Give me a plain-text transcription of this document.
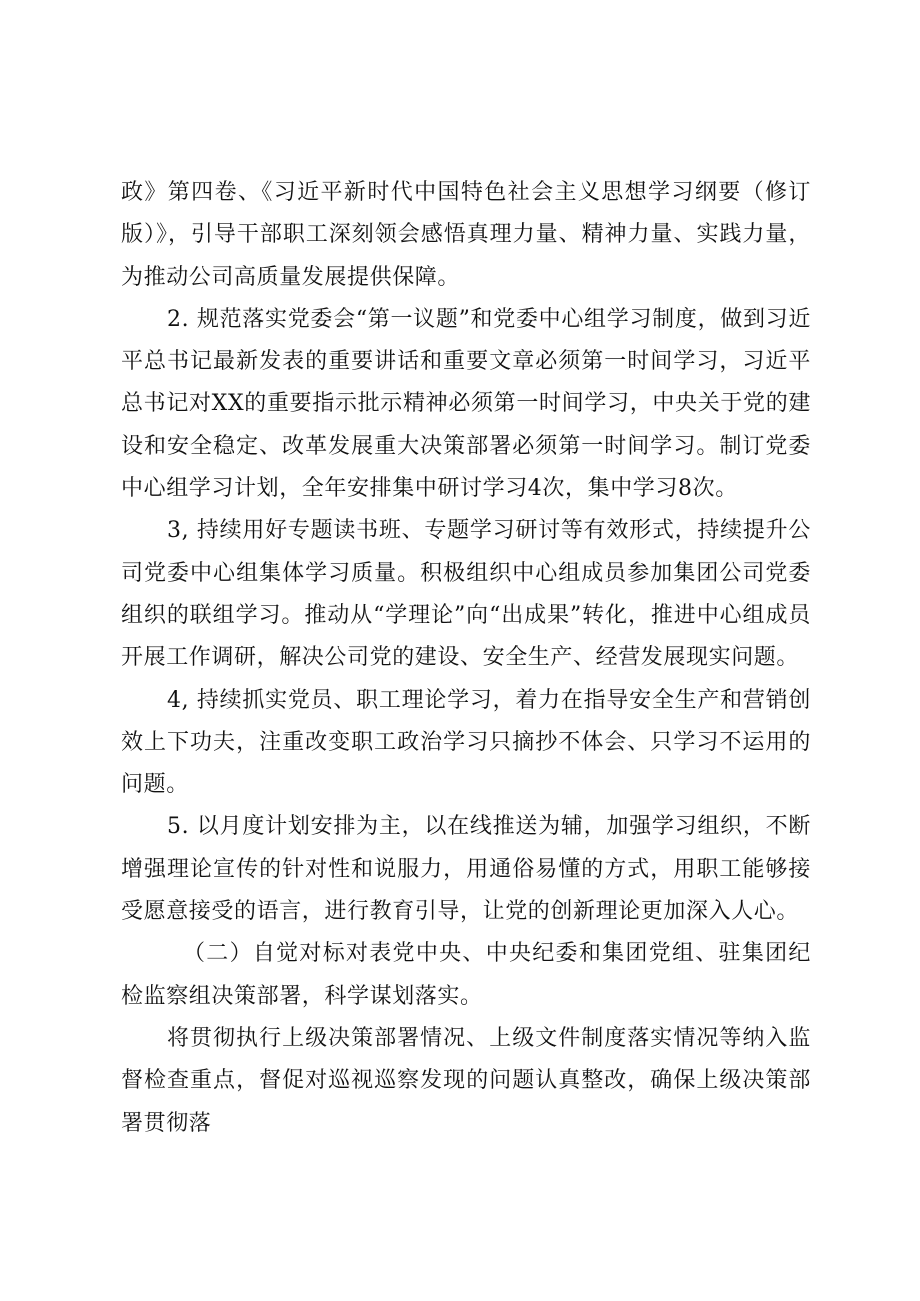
政》第四卷、《习近平新时代中国特色社会主义思想学习纲要（修订版）》，引导干部职工深刻领会感悟真理力量、精神力量、实践力量，为推动公司高质量发展提供保障。

2. 规范落实党委会“第一议题”和党委中心组学习制度，做到习近平总书记最新发表的重要讲话和重要文章必须第一时间学习，习近平总书记对XX的重要指示批示精神必须第一时间学习，中央关于党的建设和安全稳定、改革发展重大决策部署必须第一时间学习。制订党委中心组学习计划，全年安排集中研讨学习4次，集中学习8次。

3, 持续用好专题读书班、专题学习研讨等有效形式，持续提升公司党委中心组集体学习质量。积极组织中心组成员参加集团公司党委组织的联组学习。推动从“学理论”向“出成果”转化，推进中心组成员开展工作调研，解决公司党的建设、安全生产、经营发展现实问题。

4, 持续抓实党员、职工理论学习，着力在指导安全生产和营销创效上下功夫，注重改变职工政治学习只摘抄不体会、只学习不运用的问题。

5. 以月度计划安排为主，以在线推送为辅，加强学习组织，不断增强理论宣传的针对性和说服力，用通俗易懂的方式，用职工能够接受愿意接受的语言，进行教育引导，让党的创新理论更加深入人心。

（二）自觉对标对表党中央、中央纪委和集团党组、驻集团纪检监察组决策部署，科学谋划落实。

将贯彻执行上级决策部署情况、上级文件制度落实情况等纳入监督检查重点，督促对巡视巡察发现的问题认真整改，确保上级决策部署贯彻落
